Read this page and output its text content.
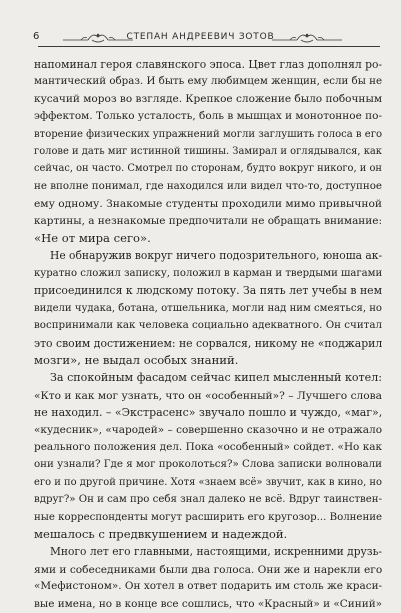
6	СТЕПАН АНДРЕЕВИЧ ЗОТОВ

напоминал героя славянского эпоса. Цвет глаз дополнял ро-
мантический образ. И быть ему любимцем женщин, если бы не
кусачий мороз во взгляде. Крепкое сложение было побочным
эффектом. Только усталость, боль в мышцах и монотонное по-
вторение физических упражнений могли заглушить голоса в его
голове и дать миг истинной тишины. Замирал и оглядывался, как
сейчас, он часто. Смотрел по сторонам, будто вокруг никого, и он
не вполне понимал, где находился или видел что-то, доступное
ему одному. Знакомые студенты проходили мимо привычной
картины, а незнакомые предпочитали не обращать внимание:
«Не от мира сего».

Не обнаружив вокруг ничего подозрительного, юноша ак-
куратно сложил записку, положил в карман и твердыми шагами
присоединился к людскому потоку. За пять лет учебы в нем
видели чудака, ботана, отшельника, могли над ним смеяться, но
воспринимали как человека социально адекватного. Он считал
это своим достижением: не сорвался, никому не «поджарил
мозги», не выдал особых знаний.

За спокойным фасадом сейчас кипел мысленный котел:
«Кто и как мог узнать, что он «особенный»? – Лучшего слова
не находил. – «Экстрасенс» звучало пошло и чуждо, «маг»,
«кудесник», «чародей» – совершенно сказочно и не отражало
реального положения дел. Пока «особенный» сойдет. «Но как
они узнали? Где я мог проколоться?» Слова записки волновали
его и по другой причине. Хотя «знаем всё» звучит, как в кино, но
вдруг?» Он и сам про себя знал далеко не всё. Вдруг таинствен-
ные корреспонденты могут расширить его кругозор... Волнение
мешалось с предвкушением и надеждой.

Много лет его главными, настоящими, искренними друзь-
ями и собеседниками были два голоса. Они же и нарекли его
«Мефистоном». Он хотел в ответ подарить им столь же краси-
вые имена, но в конце все сошлись, что «Красный» и «Синий»
